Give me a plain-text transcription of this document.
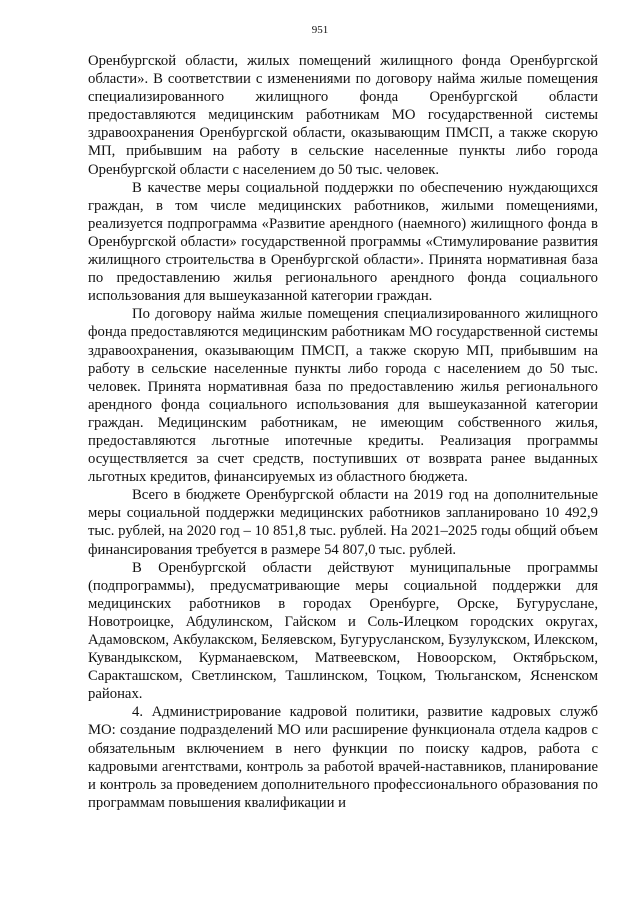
951

Оренбургской области, жилых помещений жилищного фонда Оренбургской области». В соответствии с изменениями по договору найма жилые помещения специализированного жилищного фонда Оренбургской области предоставляются медицинским работникам МО государственной системы здравоохранения Оренбургской области, оказывающим ПМСП, а также скорую МП, прибывшим на работу в сельские населенные пункты либо города Оренбургской области с населением до 50 тыс. человек.

В качестве меры социальной поддержки по обеспечению нуждающихся граждан, в том числе медицинских работников, жилыми помещениями, реализуется подпрограмма «Развитие арендного (наемного) жилищного фонда в Оренбургской области» государственной программы «Стимулирование развития жилищного строительства в Оренбургской области». Принята нормативная база по предоставлению жилья регионального арендного фонда социального использования для вышеуказанной категории граждан.

По договору найма жилые помещения специализированного жилищного фонда предоставляются медицинским работникам МО государственной системы здравоохранения, оказывающим ПМСП, а также скорую МП, прибывшим на работу в сельские населенные пункты либо города с населением до 50 тыс. человек. Принята нормативная база по предоставлению жилья регионального арендного фонда социального использования для вышеуказанной категории граждан. Медицинским работникам, не имеющим собственного жилья, предоставляются льготные ипотечные кредиты. Реализация программы осуществляется за счет средств, поступивших от возврата ранее выданных льготных кредитов, финансируемых из областного бюджета.

Всего в бюджете Оренбургской области на 2019 год на дополнительные меры социальной поддержки медицинских работников запланировано 10 492,9 тыс. рублей, на 2020 год – 10 851,8 тыс. рублей. На 2021–2025 годы общий объем финансирования требуется в размере 54 807,0 тыс. рублей.

В Оренбургской области действуют муниципальные программы (подпрограммы), предусматривающие меры социальной поддержки для медицинских работников в городах Оренбурге, Орске, Бугуруслане, Новотроицке, Абдулинском, Гайском и Соль-Илецком городских округах, Адамовском, Акбулакском, Беляевском, Бугурусланском, Бузулукском, Илекском, Кувандыкском, Курманаевском, Матвеевском, Новоорском, Октябрьском, Саракташском, Светлинском, Ташлинском, Тоцком, Тюльганском, Ясненском районах.

4. Администрирование кадровой политики, развитие кадровых служб МО: создание подразделений МО или расширение функционала отдела кадров с обязательным включением в него функции по поиску кадров, работа с кадровыми агентствами, контроль за работой врачей-наставников, планирование и контроль за проведением дополнительного профессионального образования по программам повышения квалификации и
